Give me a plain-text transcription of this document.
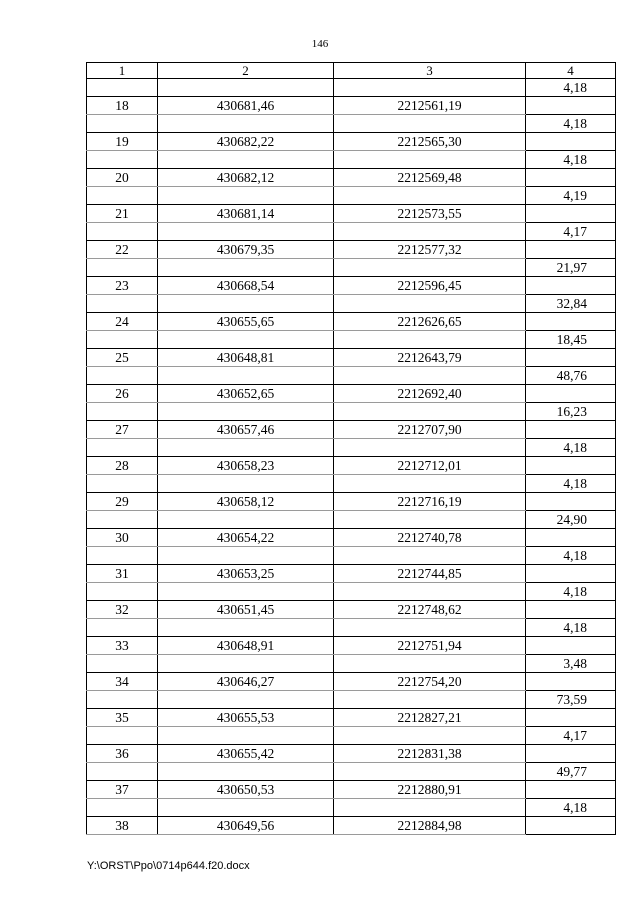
146
1	2	3	4
			4,18
18	430681,46	2212561,19	
			4,18
19	430682,22	2212565,30	
			4,18
20	430682,12	2212569,48	
			4,19
21	430681,14	2212573,55	
			4,17
22	430679,35	2212577,32	
			21,97
23	430668,54	2212596,45	
			32,84
24	430655,65	2212626,65	
			18,45
25	430648,81	2212643,79	
			48,76
26	430652,65	2212692,40	
			16,23
27	430657,46	2212707,90	
			4,18
28	430658,23	2212712,01	
			4,18
29	430658,12	2212716,19	
			24,90
30	430654,22	2212740,78	
			4,18
31	430653,25	2212744,85	
			4,18
32	430651,45	2212748,62	
			4,18
33	430648,91	2212751,94	
			3,48
34	430646,27	2212754,20	
			73,59
35	430655,53	2212827,21	
			4,17
36	430655,42	2212831,38	
			49,77
37	430650,53	2212880,91	
			4,18
38	430649,56	2212884,98	
Y:\ORST\Ppo\0714p644.f20.docx
